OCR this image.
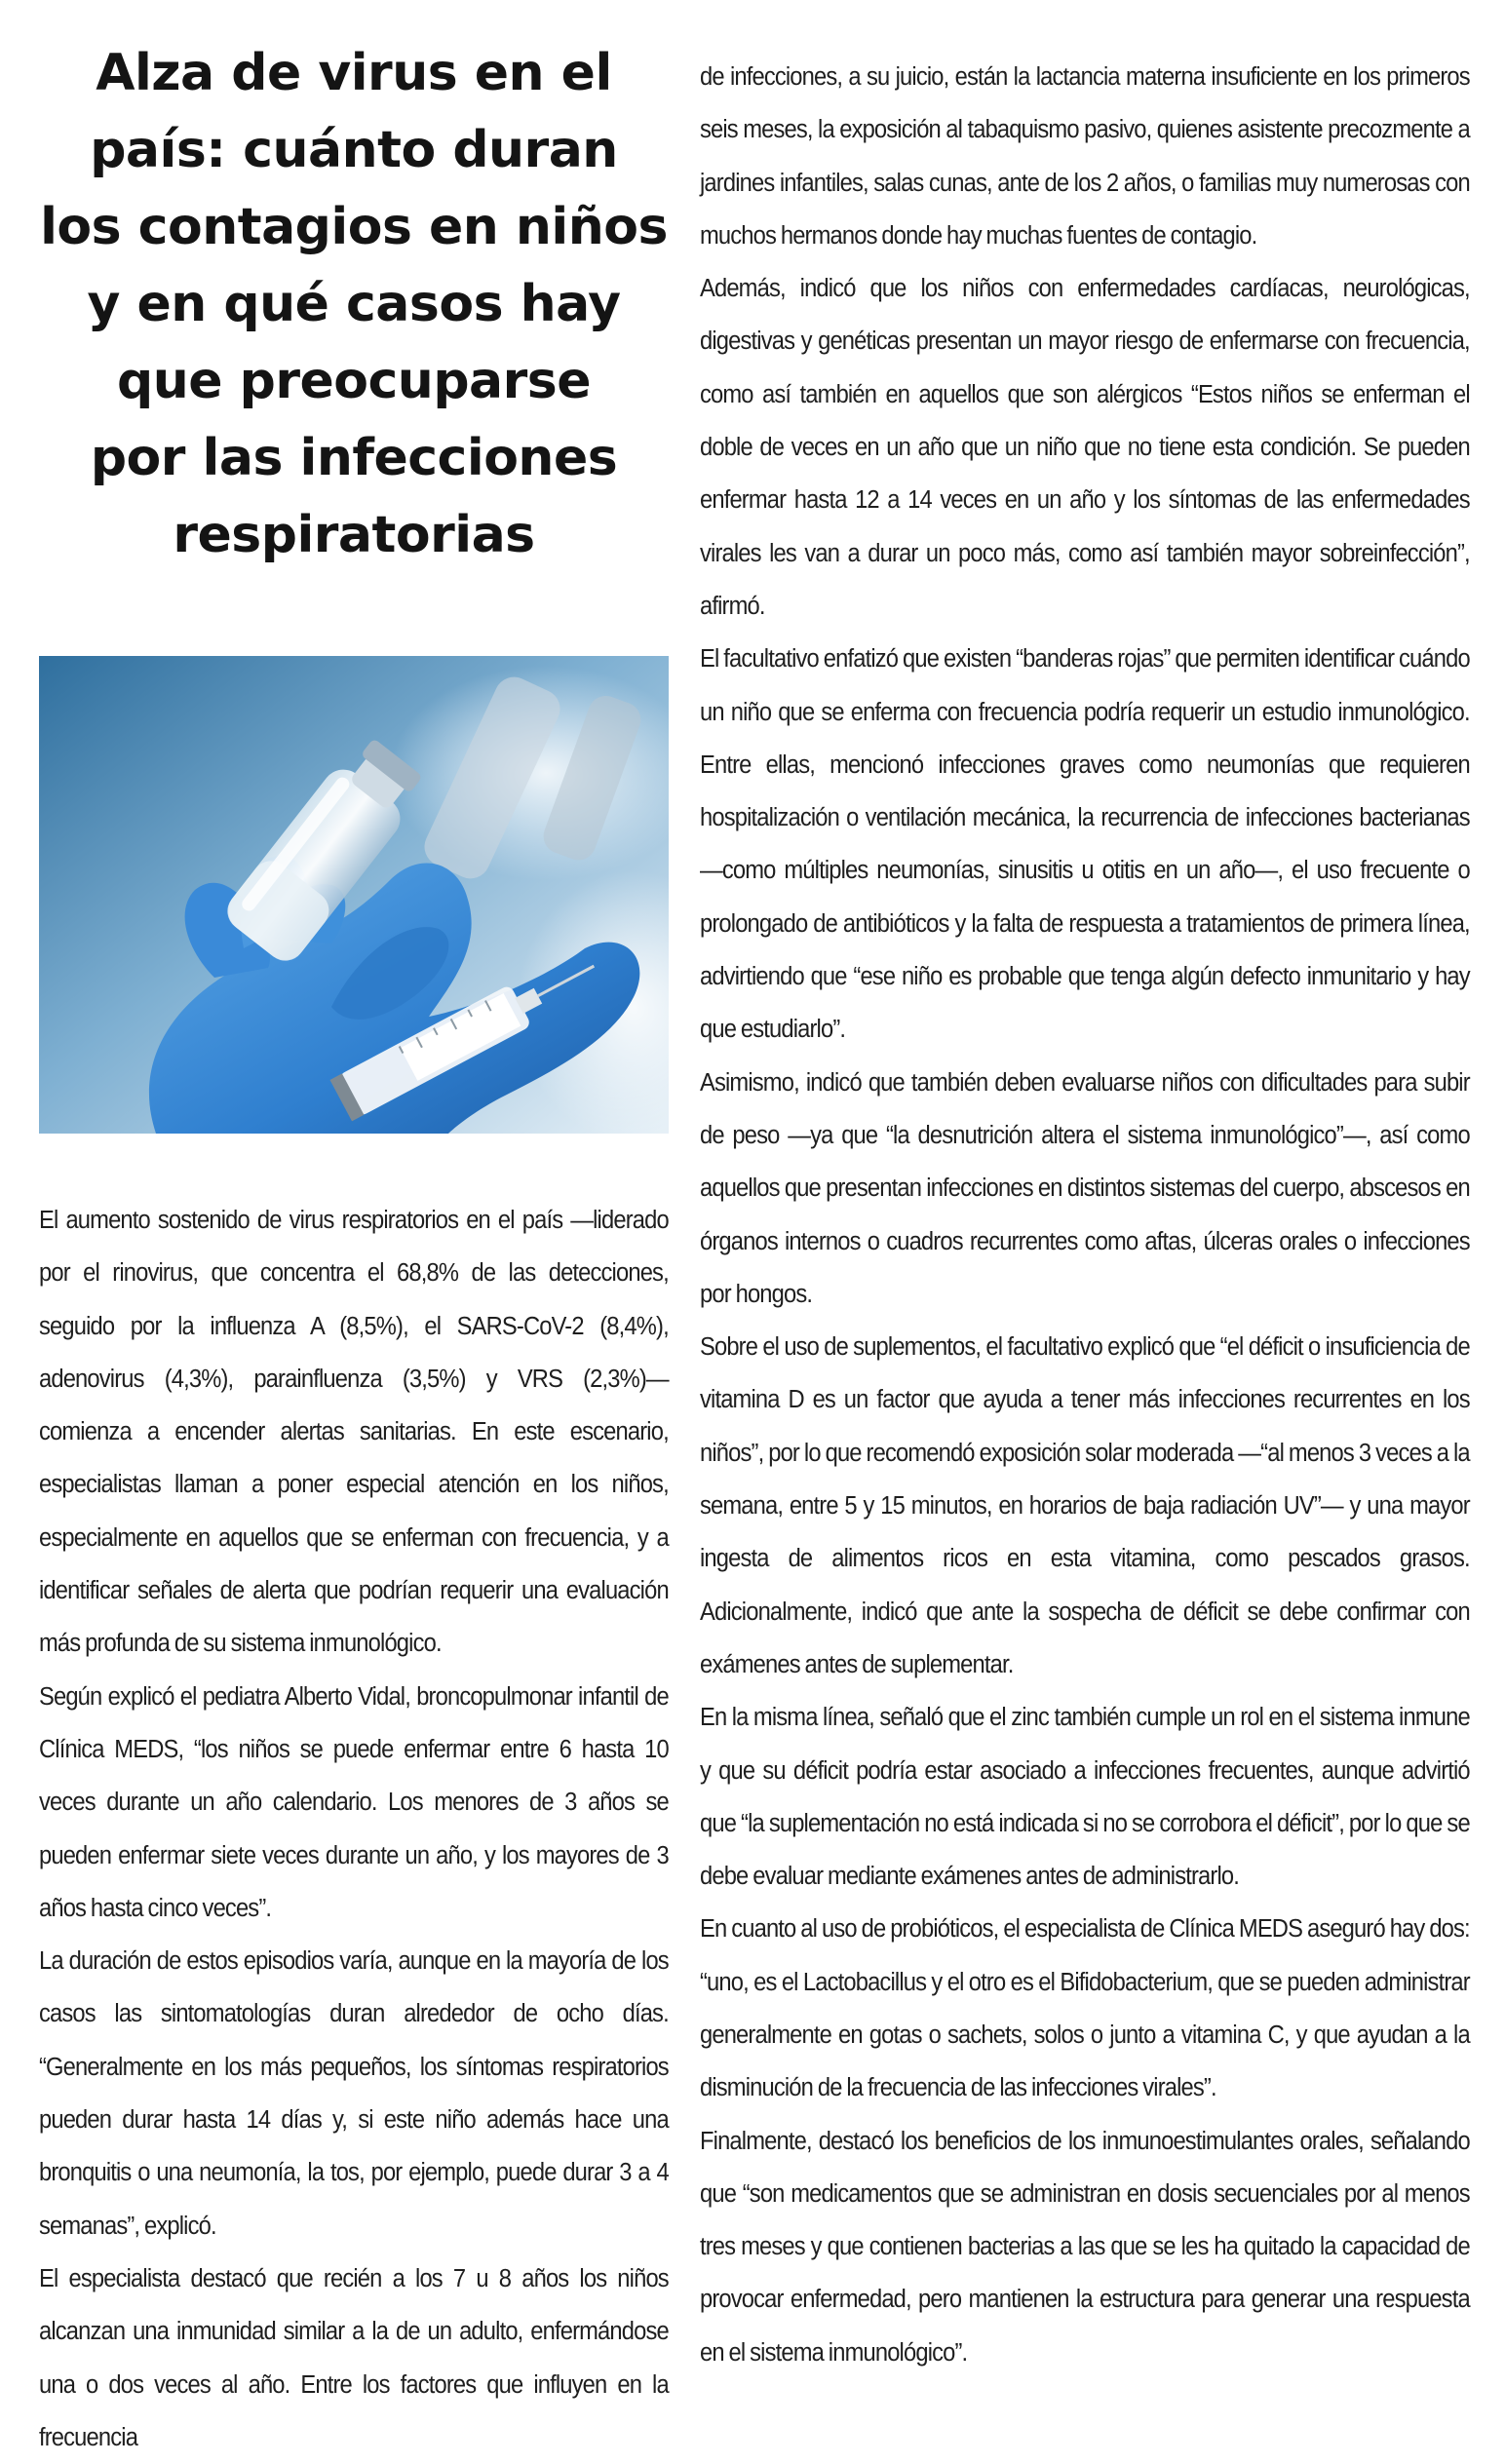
Alza de virus en el
país: cuánto duran
los contagios en niños
y en qué casos hay
que preocuparse
por las infecciones
respiratorias

El aumento sostenido de virus respiratorios en el país —liderado por el rinovirus, que concentra el 68,8% de las detecciones, seguido por la influenza A (8,5%), el SARS-CoV-2 (8,4%), adenovirus (4,3%), parainfluenza (3,5%) y VRS (2,3%)— comienza a encender alertas sanitarias. En este escenario, especialistas llaman a poner especial atención en los niños, especialmente en aquellos que se enferman con frecuencia, y a identificar señales de alerta que podrían requerir una evaluación más profunda de su sistema inmunológico.

Según explicó el pediatra Alberto Vidal, broncopulmonar infantil de Clínica MEDS, “los niños se puede enfermar entre 6 hasta 10 veces durante un año calendario. Los menores de 3 años se pueden enfermar siete veces durante un año, y los mayores de 3 años hasta cinco veces”.

La duración de estos episodios varía, aunque en la mayoría de los casos las sintomatologías duran alrededor de ocho días. “Generalmente en los más pequeños, los síntomas respiratorios pueden durar hasta 14 días y, si este niño además hace una bronquitis o una neumonía, la tos, por ejemplo, puede durar 3 a 4 semanas”, explicó.

El especialista destacó que recién a los 7 u 8 años los niños alcanzan una inmunidad similar a la de un adulto, enfermándose una o dos veces al año. Entre los factores que influyen en la frecuencia

de infecciones, a su juicio, están la lactancia materna insuficiente en los primeros seis meses, la exposición al tabaquismo pasivo, quienes asistente precozmente a jardines infantiles, salas cunas, ante de los 2 años, o familias muy numerosas con muchos hermanos donde hay muchas fuentes de contagio.

Además, indicó que los niños con enfermedades cardíacas, neurológicas, digestivas y genéticas presentan un mayor riesgo de enfermarse con frecuencia, como así también en aquellos que son alérgicos “Estos niños se enferman el doble de veces en un año que un niño que no tiene esta condición. Se pueden enfermar hasta 12 a 14 veces en un año y los síntomas de las enfermedades virales les van a durar un poco más, como así también mayor sobreinfección”, afirmó.

El facultativo enfatizó que existen “banderas rojas” que permiten identificar cuándo un niño que se enferma con frecuencia podría requerir un estudio inmunológico. Entre ellas, mencionó infecciones graves como neumonías que requieren hospitalización o ventilación mecánica, la recurrencia de infecciones bacterianas —como múltiples neumonías, sinusitis u otitis en un año—, el uso frecuente o prolongado de antibióticos y la falta de respuesta a tratamientos de primera línea, advirtiendo que “ese niño es probable que tenga algún defecto inmunitario y hay que estudiarlo”.

Asimismo, indicó que también deben evaluarse niños con dificultades para subir de peso —ya que “la desnutrición altera el sistema inmunológico”—, así como aquellos que presentan infecciones en distintos sistemas del cuerpo, abscesos en órganos internos o cuadros recurrentes como aftas, úlceras orales o infecciones por hongos.

Sobre el uso de suplementos, el facultativo explicó que “el déficit o insuficiencia de vitamina D es un factor que ayuda a tener más infecciones recurrentes en los niños”, por lo que recomendó exposición solar moderada —“al menos 3 veces a la semana, entre 5 y 15 minutos, en horarios de baja radiación UV”— y una mayor ingesta de alimentos ricos en esta vitamina, como pescados grasos. Adicionalmente, indicó que ante la sospecha de déficit se debe confirmar con exámenes antes de suplementar.

En la misma línea, señaló que el zinc también cumple un rol en el sistema inmune y que su déficit podría estar asociado a infecciones frecuentes, aunque advirtió que “la suplementación no está indicada si no se corrobora el déficit”, por lo que se debe evaluar mediante exámenes antes de administrarlo.

En cuanto al uso de probióticos, el especialista de Clínica MEDS aseguró hay dos: “uno, es el Lactobacillus y el otro es el Bifidobacterium, que se pueden administrar generalmente en gotas o sachets, solos o junto a vitamina C, y que ayudan a la disminución de la frecuencia de las infecciones virales”.

Finalmente, destacó los beneficios de los inmunoestimulantes orales, señalando que “son medicamentos que se administran en dosis secuenciales por al menos tres meses y que contienen bacterias a las que se les ha quitado la capacidad de provocar enfermedad, pero mantienen la estructura para generar una respuesta en el sistema inmunológico”.
